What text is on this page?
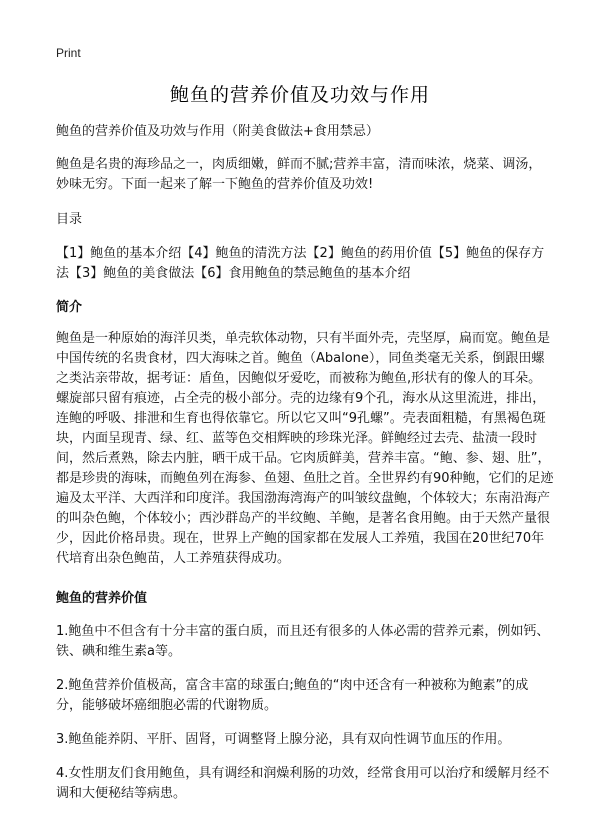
Print
鲍鱼的营养价值及功效与作用

鲍鱼的营养价值及功效与作用（附美食做法+食用禁忌）

鲍鱼是名贵的海珍品之一，肉质细嫩，鲜而不腻;营养丰富，清而味浓，烧菜、调汤，妙味无穷。下面一起来了解一下鲍鱼的营养价值及功效!

目录

【1】鲍鱼的基本介绍【4】鲍鱼的清洗方法【2】鲍鱼的药用价值【5】鲍鱼的保存方法【3】鲍鱼的美食做法【6】食用鲍鱼的禁忌鲍鱼的基本介绍

简介

鲍鱼是一种原始的海洋贝类，单壳软体动物，只有半面外壳，壳坚厚，扁而宽。鲍鱼是中国传统的名贵食材，四大海味之首。鲍鱼（Abalone），同鱼类毫无关系，倒跟田螺之类沾亲带故，据考证：盾鱼，因鲍似牙爱吃，而被称为鲍鱼,形状有的像人的耳朵。螺旋部只留有痕迹，占全壳的极小部分。壳的边缘有9个孔，海水从这里流进，排出，连鲍的呼吸、排泄和生育也得依靠它。所以它又叫“9孔螺”。壳表面粗糙，有黑褐色斑块，内面呈现青、绿、红、蓝等色交相辉映的珍珠光泽。鲜鲍经过去壳、盐渍一段时间，然后煮熟，除去内脏，晒干成干品。它肉质鲜美，营养丰富。“鲍、参、翅、肚”，都是珍贵的海味，而鲍鱼列在海参、鱼翅、鱼肚之首。全世界约有90种鲍，它们的足迹遍及太平洋、大西洋和印度洋。我国渤海湾海产的叫皱纹盘鲍，个体较大；东南沿海产的叫杂色鲍，个体较小；西沙群岛产的半纹鲍、羊鲍，是著名食用鲍。由于天然产量很少，因此价格昂贵。现在，世界上产鲍的国家都在发展人工养殖，我国在20世纪70年代培育出杂色鲍苗，人工养殖获得成功。

鲍鱼的营养价值

1.鲍鱼中不但含有十分丰富的蛋白质，而且还有很多的人体必需的营养元素，例如钙、铁、碘和维生素a等。

2.鲍鱼营养价值极高，富含丰富的球蛋白;鲍鱼的“肉中还含有一种被称为鲍素”的成分，能够破坏癌细胞必需的代谢物质。

3.鲍鱼能养阴、平肝、固肾，可调整肾上腺分泌，具有双向性调节血压的作用。

4.女性朋友们食用鲍鱼，具有调经和润燥利肠的功效，经常食用可以治疗和缓解月经不调和大便秘结等病患。
